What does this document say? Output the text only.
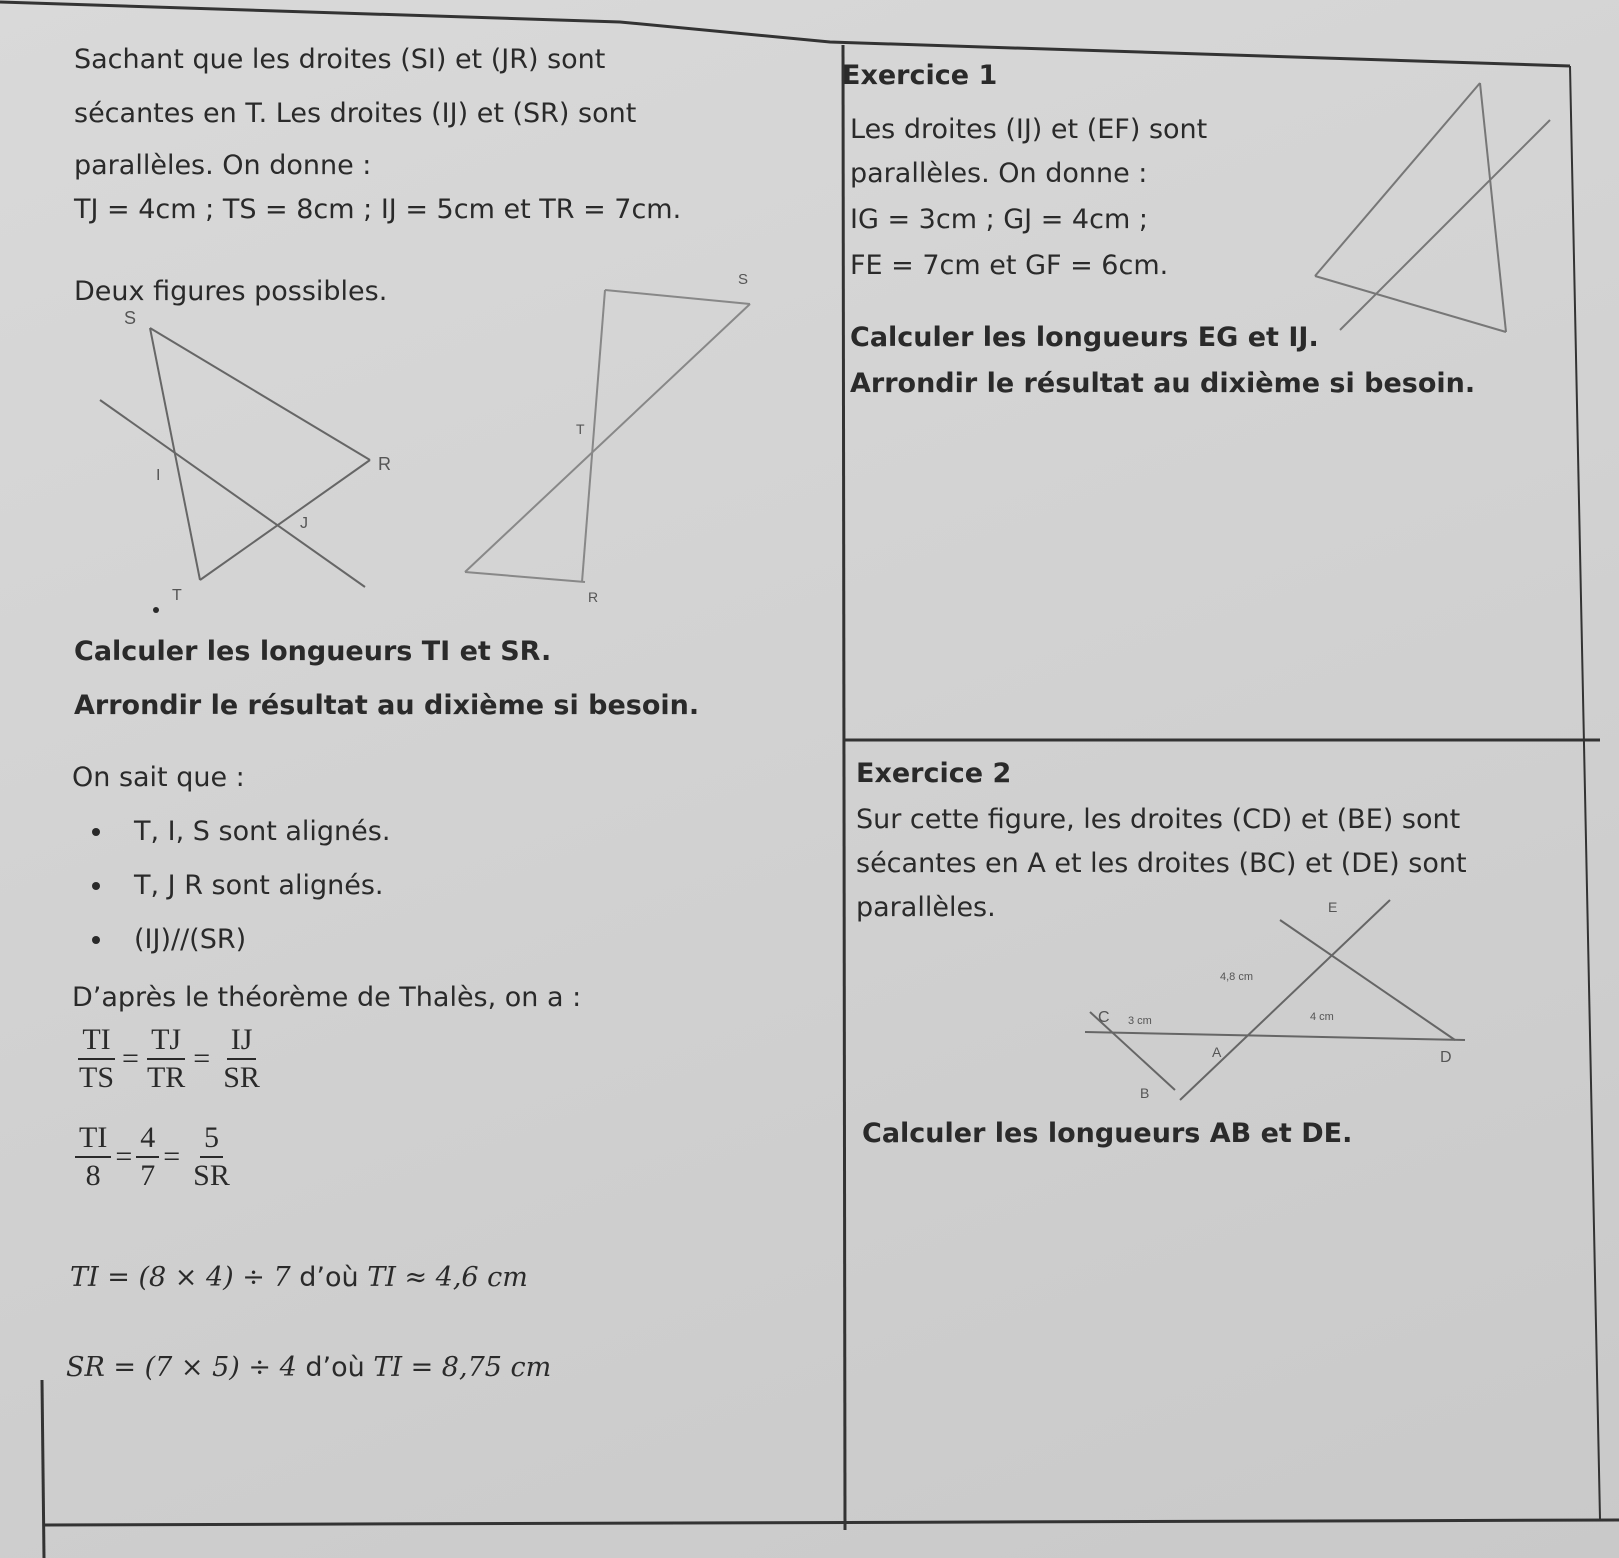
Sachant que les droites (SI) et (JR) sont
sécantes en T. Les droites (IJ) et (SR) sont
parallèles. On donne :
TJ = 4cm ; TS = 8cm ; IJ = 5cm et TR = 7cm.
Deux figures possibles.
S
R
I
J
T
S
T
R
Calculer les longueurs TI et SR.
Arrondir le résultat au dixième si besoin.
On sait que :
T, I, S sont alignés.
T, J R sont alignés.
(IJ)//(SR)
D’après le théorème de Thalès, on a :
$\frac{TI}{TS} = \frac{TJ}{TR} = \frac{IJ}{SR}$
$\frac{TI}{8} = \frac{4}{7} = \frac{5}{SR}$
TI = (8 × 4) ÷ 7 d’où TI ≈ 4,6 cm
SR = (7 × 5) ÷ 4 d’où TI = 8,75 cm
Exercice 1
Les droites (IJ) et (EF) sont
parallèles. On donne :
IG = 3cm ; GJ = 4cm ;
FE = 7cm et GF = 6cm.
Calculer les longueurs EG et IJ.
Arrondir le résultat au dixième si besoin.
Exercice 2
Sur cette figure, les droites (CD) et (BE) sont
sécantes en A et les droites (BC) et (DE) sont
parallèles.	E
C
A	D
B
3 cm	4 cm
4,8 cm
Calculer les longueurs AB et DE.
